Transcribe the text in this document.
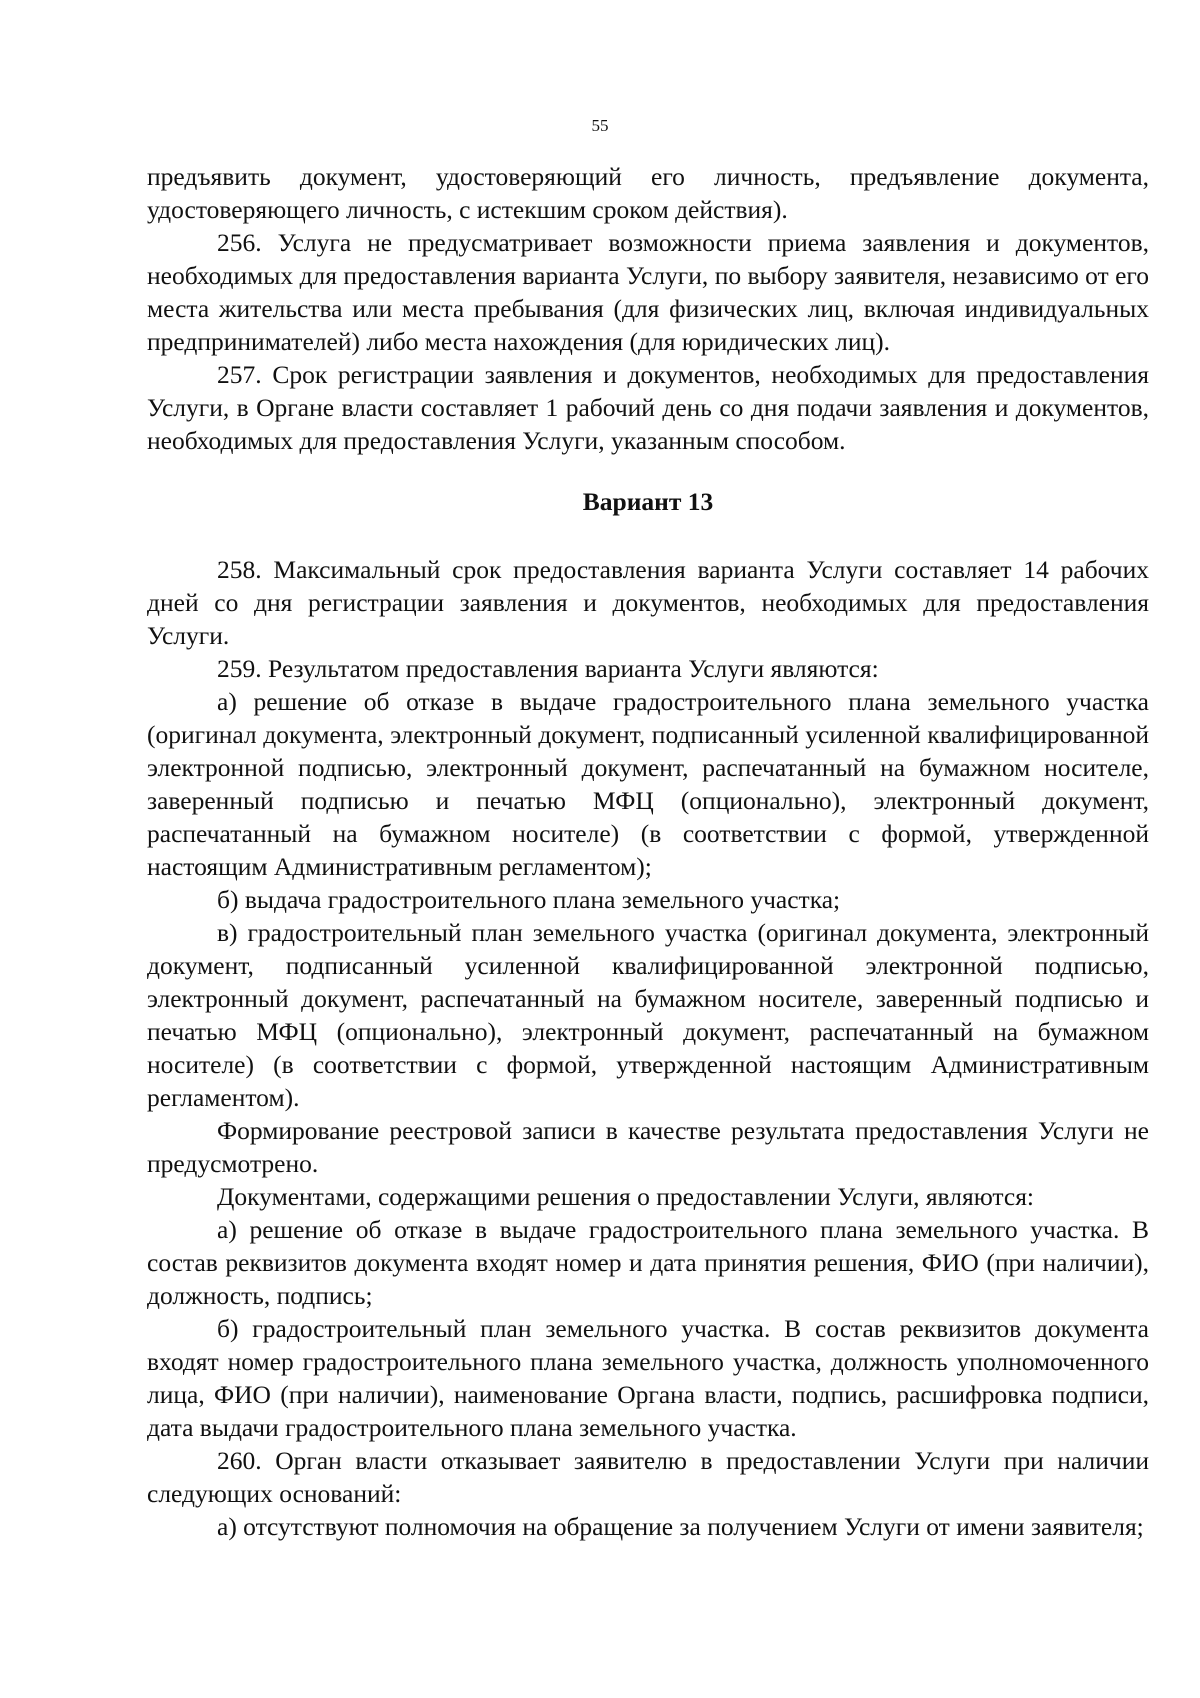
55

предъявить документ, удостоверяющий его личность, предъявление документа, удостоверяющего личность, с истекшим сроком действия).

256. Услуга не предусматривает возможности приема заявления и документов, необходимых для предоставления варианта Услуги, по выбору заявителя, независимо от его места жительства или места пребывания (для физических лиц, включая индивидуальных предпринимателей) либо места нахождения (для юридических лиц).

257. Срок регистрации заявления и документов, необходимых для предоставления Услуги, в Органе власти составляет 1 рабочий день со дня подачи заявления и документов, необходимых для предоставления Услуги, указанным способом.

Вариант 13

258. Максимальный срок предоставления варианта Услуги составляет 14 рабочих дней со дня регистрации заявления и документов, необходимых для предоставления Услуги.

259. Результатом предоставления варианта Услуги являются:

а) решение об отказе в выдаче градостроительного плана земельного участка (оригинал документа, электронный документ, подписанный усиленной квалифицированной электронной подписью, электронный документ, распечатанный на бумажном носителе, заверенный подписью и печатью МФЦ (опционально), электронный документ, распечатанный на бумажном носителе) (в соответствии с формой, утвержденной настоящим Административным регламентом);

б) выдача градостроительного плана земельного участка;

в) градостроительный план земельного участка (оригинал документа, электронный документ, подписанный усиленной квалифицированной электронной подписью, электронный документ, распечатанный на бумажном носителе, заверенный подписью и печатью МФЦ (опционально), электронный документ, распечатанный на бумажном носителе) (в соответствии с формой, утвержденной настоящим Административным регламентом).

Формирование реестровой записи в качестве результата предоставления Услуги не предусмотрено.

Документами, содержащими решения о предоставлении Услуги, являются:

а) решение об отказе в выдаче градостроительного плана земельного участка. В состав реквизитов документа входят номер и дата принятия решения, ФИО (при наличии), должность, подпись;

б) градостроительный план земельного участка. В состав реквизитов документа входят номер градостроительного плана земельного участка, должность уполномоченного лица, ФИО (при наличии), наименование Органа власти, подпись, расшифровка подписи, дата выдачи градостроительного плана земельного участка.

260. Орган власти отказывает заявителю в предоставлении Услуги при наличии следующих оснований:

а) отсутствуют полномочия на обращение за получением Услуги от имени заявителя;
